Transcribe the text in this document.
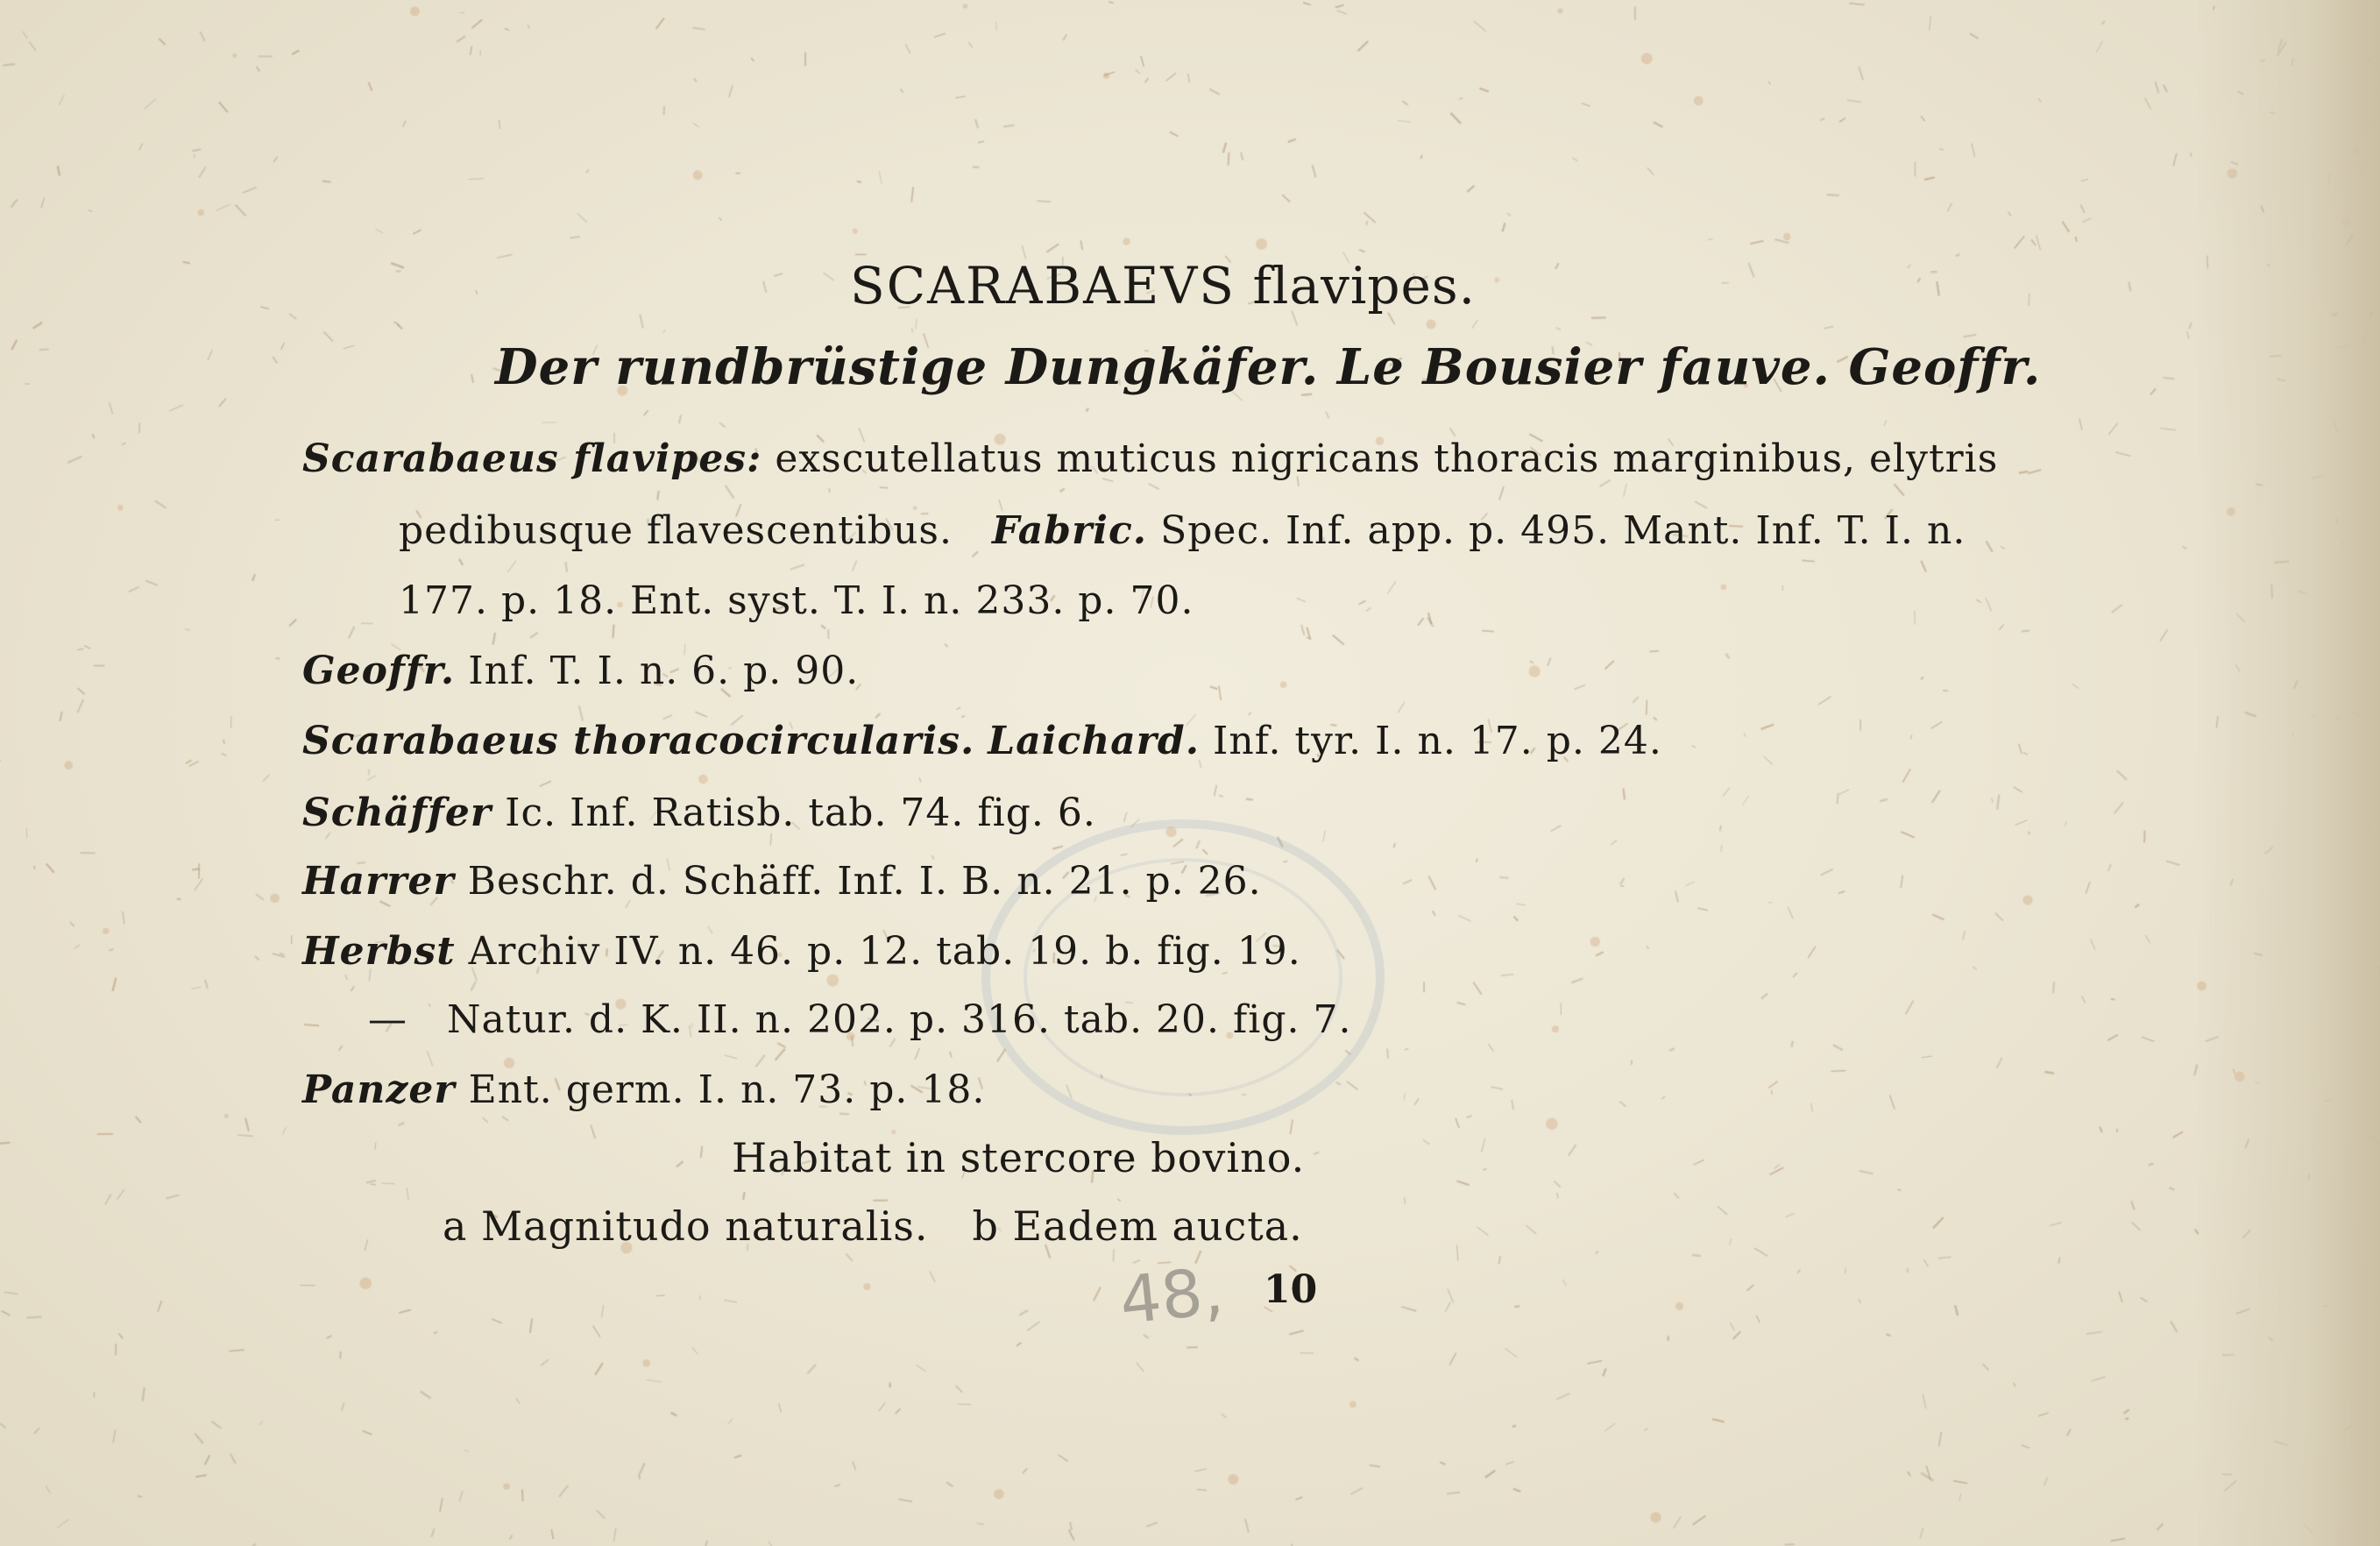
SCARABAEVS flavipes.
Der rundbrüstige Dungkäfer. Le Bousier fauve. Geoffr.
Scarabaeus flavipes: exscutellatus muticus nigricans thoracis marginibus, elytris
pedibusque flavescentibus. Fabric. Spec. Inf. app. p. 495. Mant. Inf. T. I. n.
177. p. 18. Ent. syst. T. I. n. 233. p. 70.
Geoffr. Inf. T. I. n. 6. p. 90.
Scarabaeus thoracocircularis. Laichard. Inf. tyr. I. n. 17. p. 24.
Schäffer Ic. Inf. Ratisb. tab. 74. fig. 6.
Harrer Beschr. d. Schäff. Inf. I. B. n. 21. p. 26.
Herbst Archiv IV. n. 46. p. 12. tab. 19. b. fig. 19.
— Natur. d. K. II. n. 202. p. 316. tab. 20. fig. 7.
Panzer Ent. germ. I. n. 73. p. 18.
Habitat in stercore bovino.
a Magnitudo naturalis. b Eadem aucta.
48, 10
